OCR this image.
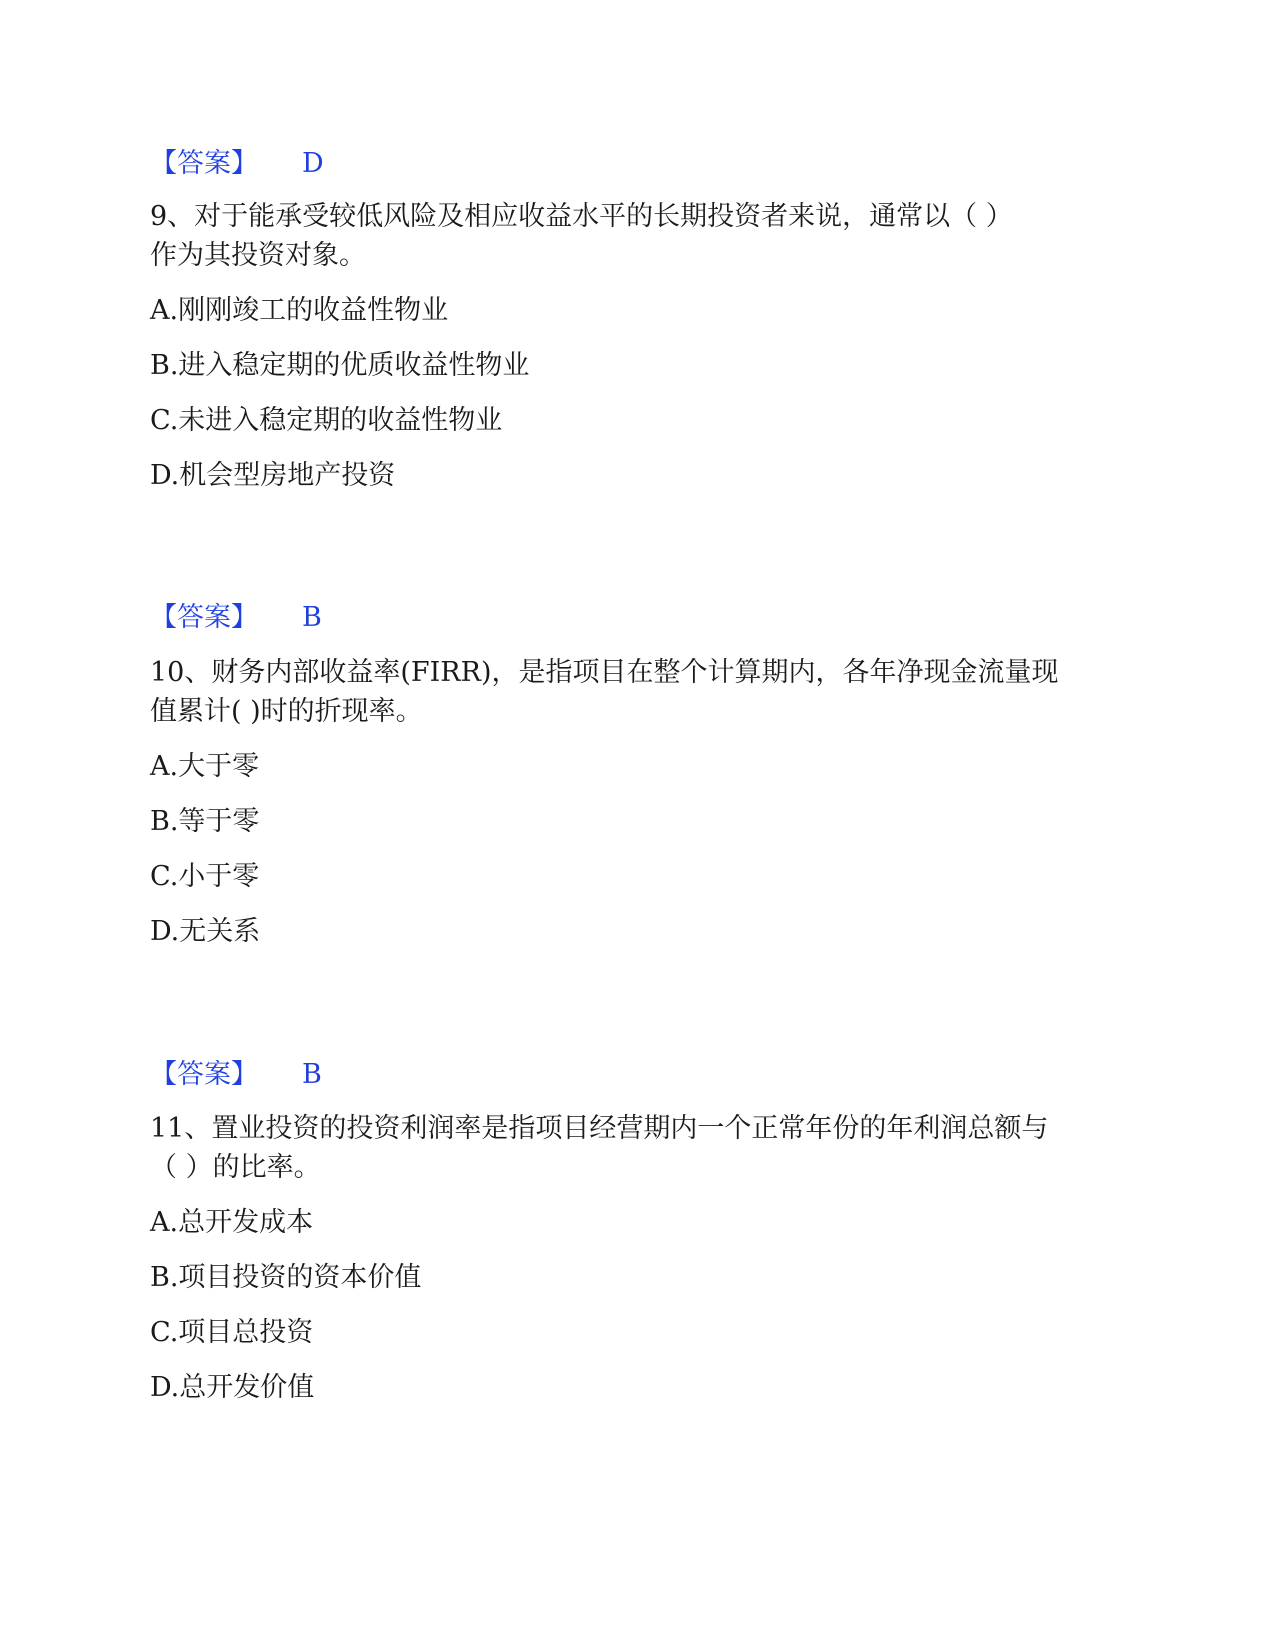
【答案】 D
9、对于能承受较低风险及相应收益水平的长期投资者来说，通常以（ ）
作为其投资对象。
A.刚刚竣工的收益性物业
B.进入稳定期的优质收益性物业
C.未进入稳定期的收益性物业
D.机会型房地产投资
【答案】 B
10、财务内部收益率(FIRR)，是指项目在整个计算期内，各年净现金流量现
值累计( )时的折现率。
A.大于零
B.等于零
C.小于零
D.无关系
【答案】 B
11、置业投资的投资利润率是指项目经营期内一个正常年份的年利润总额与
（ ）的比率。
A.总开发成本
B.项目投资的资本价值
C.项目总投资
D.总开发价值
